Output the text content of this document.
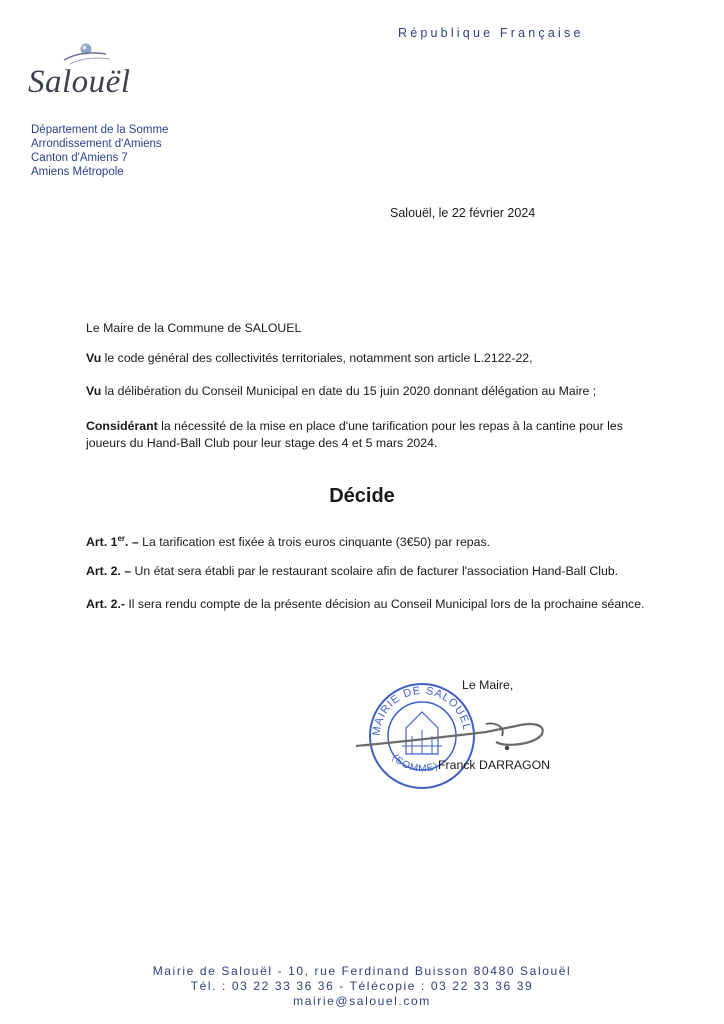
République Française
Salouël
Département de la Somme
Arrondissement d'Amiens
Canton d'Amiens 7
Amiens Métropole
Salouël, le 22 février 2024
Le Maire de la Commune de SALOUEL
Vu le code général des collectivités territoriales, notamment son article L.2122-22,
Vu la délibération du Conseil Municipal en date du 15 juin 2020 donnant délégation au Maire ;
Considérant la nécessité de la mise en place d'une tarification pour les repas à la cantine pour les joueurs du Hand-Ball Club pour leur stage des 4 et 5 mars 2024.
Décide
Art. 1er. – La tarification est fixée à trois euros cinquante (3€50) par repas.
Art. 2. – Un état sera établi par le restaurant scolaire afin de facturer l'association Hand-Ball Club.
Art. 2.- Il sera rendu compte de la présente décision au Conseil Municipal lors de la prochaine séance.
Le Maire,
MAIRIE DE SALOUEL
(SOMME)
Franck DARRAGON
Mairie de Salouël - 10, rue Ferdinand Buisson 80480 Salouël
Tél. : 03 22 33 36 36 - Télécopie : 03 22 33 36 39
mairie@salouel.com
